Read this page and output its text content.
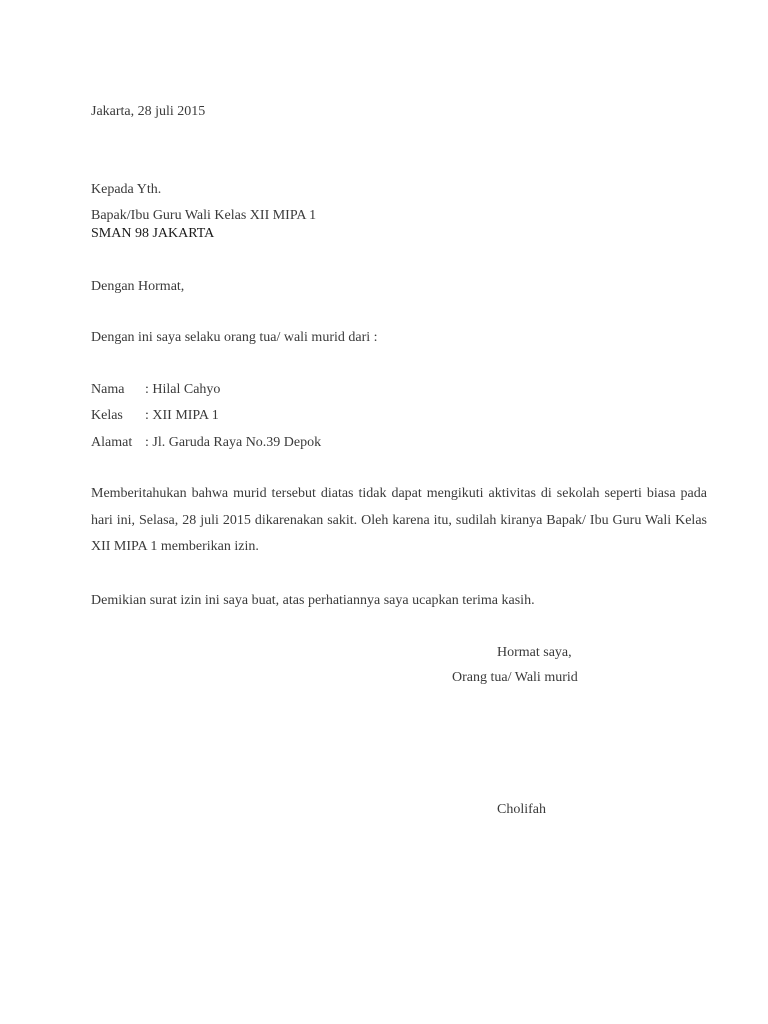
Jakarta, 28 juli 2015
Kepada Yth.
Bapak/Ibu Guru Wali Kelas XII MIPA 1
SMAN 98 JAKARTA
Dengan Hormat,
Dengan ini saya selaku orang tua/ wali murid dari :
Nama : Hilal Cahyo
Kelas : XII MIPA 1
Alamat : Jl. Garuda Raya No.39 Depok
Memberitahukan bahwa murid tersebut diatas tidak dapat mengikuti aktivitas di sekolah seperti biasa pada hari ini, Selasa, 28 juli 2015 dikarenakan sakit. Oleh karena itu, sudilah kiranya Bapak/ Ibu Guru Wali Kelas XII MIPA 1 memberikan izin.
Demikian surat izin ini saya buat, atas perhatiannya saya ucapkan terima kasih.
Hormat saya,
Orang tua/ Wali murid
Cholifah
